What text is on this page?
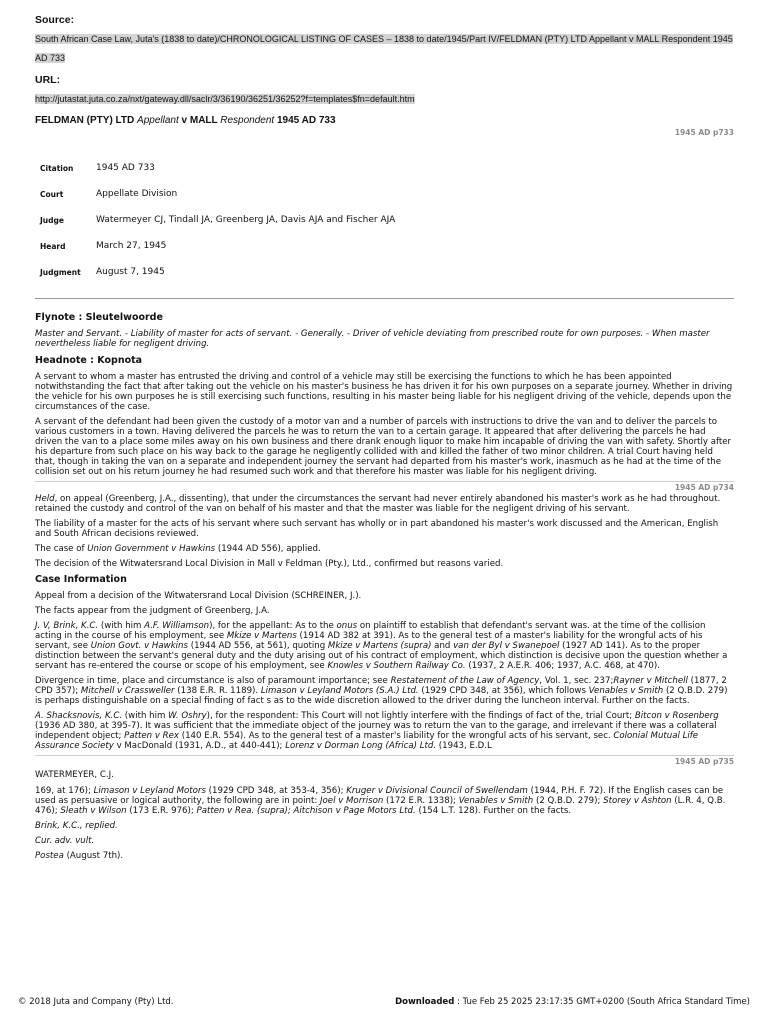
Source:
South African Case Law, Juta's (1838 to date)/CHRONOLOGICAL LISTING OF CASES – 1838 to date/1945/Part IV/FELDMAN (PTY) LTD Appellant v MALL Respondent 1945 AD 733
URL:
http://jutastat.juta.co.za/nxt/gateway.dll/saclr/3/36190/36251/36252?f=templates$fn=default.htm
FELDMAN (PTY) LTD Appellant v MALL Respondent 1945 AD 733
1945 AD p733
Citation	1945 AD 733
Court	Appellate Division
Judge	Watermeyer CJ, Tindall JA, Greenberg JA, Davis AJA and Fischer AJA
Heard	March 27, 1945
Judgment	August 7, 1945
Flynote : Sleutelwoorde

Master and Servant. - Liability of master for acts of servant. - Generally. - Driver of vehicle deviating from prescribed route for own purposes. - When master nevertheless liable for negligent driving.

Headnote : Kopnota

A servant to whom a master has entrusted the driving and control of a vehicle may still be exercising the functions to which he has been appointed notwithstanding the fact that after taking out the vehicle on his master's business he has driven it for his own purposes on a separate journey. Whether in driving the vehicle for his own purposes he is still exercising such functions, resulting in his master being liable for his negligent driving of the vehicle, depends upon the circumstances of the case.

A servant of the defendant had been given the custody of a motor van and a number of parcels with instructions to drive the van and to deliver the parcels to various customers in a town. Having delivered the parcels he was to return the van to a certain garage. It appeared that after delivering the parcels he had driven the van to a place some miles away on his own business and there drank enough liquor to make him incapable of driving the van with safety. Shortly after his departure from such place on his way back to the garage he negligently collided with and killed the father of two minor children. A trial Court having held that, though in taking the van on a separate and independent journey the servant had departed from his master's work, inasmuch as he had at the time of the collision set out on his return journey he had resumed such work and that therefore his master was liable for his negligent driving.

1945 AD p734

Held, on appeal (Greenberg, J.A., dissenting), that under the circumstances the servant had never entirely abandoned his master's work as he had throughout. retained the custody and control of the van on behalf of his master and that the master was liable for the negligent driving of his servant.

The liability of a master for the acts of his servant where such servant has wholly or in part abandoned his master's work discussed and the American, English and South African decisions reviewed.

The case of Union Government v Hawkins (1944 AD 556), applied.

The decision of the Witwatersrand Local Division in Mall v Feldman (Pty.), Ltd., confirmed but reasons varied.

Case Information

Appeal from a decision of the Witwatersrand Local Division (SCHREINER, J.).

The facts appear from the judgment of Greenberg, J.A.

J. V, Brink, K.C. (with him A.F. Williamson), for the appellant: As to the onus on plaintiff to establish that defendant's servant was. at the time of the collision acting in the course of his employment, see Mkize v Martens (1914 AD 382 at 391). As to the general test of a master's liability for the wrongful acts of his servant, see Union Govt. v Hawkins (1944 AD 556, at 561), quoting Mkize v Martens (supra) and van der Byl v Swanepoel (1927 AD 141). As to the proper distinction between the servant's general duty and the duty arising out of his contract of employment, which distinction is decisive upon the question whether a servant has re-entered the course or scope of his employment, see Knowles v Southern Railway Co. (1937, 2 A.E.R. 406; 1937, A.C. 468, at 470).

Divergence in time, place and circumstance is also of paramount importance; see Restatement of the Law of Agency, Vol. 1, sec. 237;Rayner v Mitchell (1877, 2 CPD 357); Mitchell v Crassweller (138 E.R. R. 1189). Limason v Leyland Motors (S.A.) Ltd. (1929 CPD 348, at 356), which follows Venables v Smith (2 Q.B.D. 279) is perhaps distinguishable on a special finding of fact s as to the wide discretion allowed to the driver during the luncheon interval. Further on the facts.

A. Shacksnovis, K.C. (with him W. Oshry), for the respondent: This Court will not lightly interfere with the findings of fact of the, trial Court; Bitcon v Rosenberg (1936 AD 380, at 395-7). It was sufficient that the immediate object of the journey was to return the van to the garage, and irrelevant if there was a collateral independent object; Patten v Rex (140 E.R. 554). As to the general test of a master's liability for the wrongful acts of his servant, sec. Colonial Mutual Life Assurance Society v MacDonald (1931, A.D., at 440-441); Lorenz v Dorman Long (Africa) Ltd. (1943, E.D.L

1945 AD p735

WATERMEYER, C.J.

169, at 176); Limason v Leyland Motors (1929 CPD 348, at 353-4, 356); Kruger v Divisional Council of Swellendam (1944, P.H. F. 72). If the English cases can be used as persuasive or logical authority, the following are in point: Joel v Morrison (172 E.R. 1338); Venables v Smith (2 Q.B.D. 279); Storey v Ashton (L.R. 4, Q.B. 476); Sleath v Wilson (173 E.R. 976); Patten v Rea. (supra); Aitchison v Page Motors Ltd. (154 L.T. 128). Further on the facts.

Brink, K.C., replied.

Cur. adv. vult.

Postea (August 7th).

© 2018 Juta and Company (Pty) Ltd.	Downloaded : Tue Feb 25 2025 23:17:35 GMT+0200 (South Africa Standard Time)
